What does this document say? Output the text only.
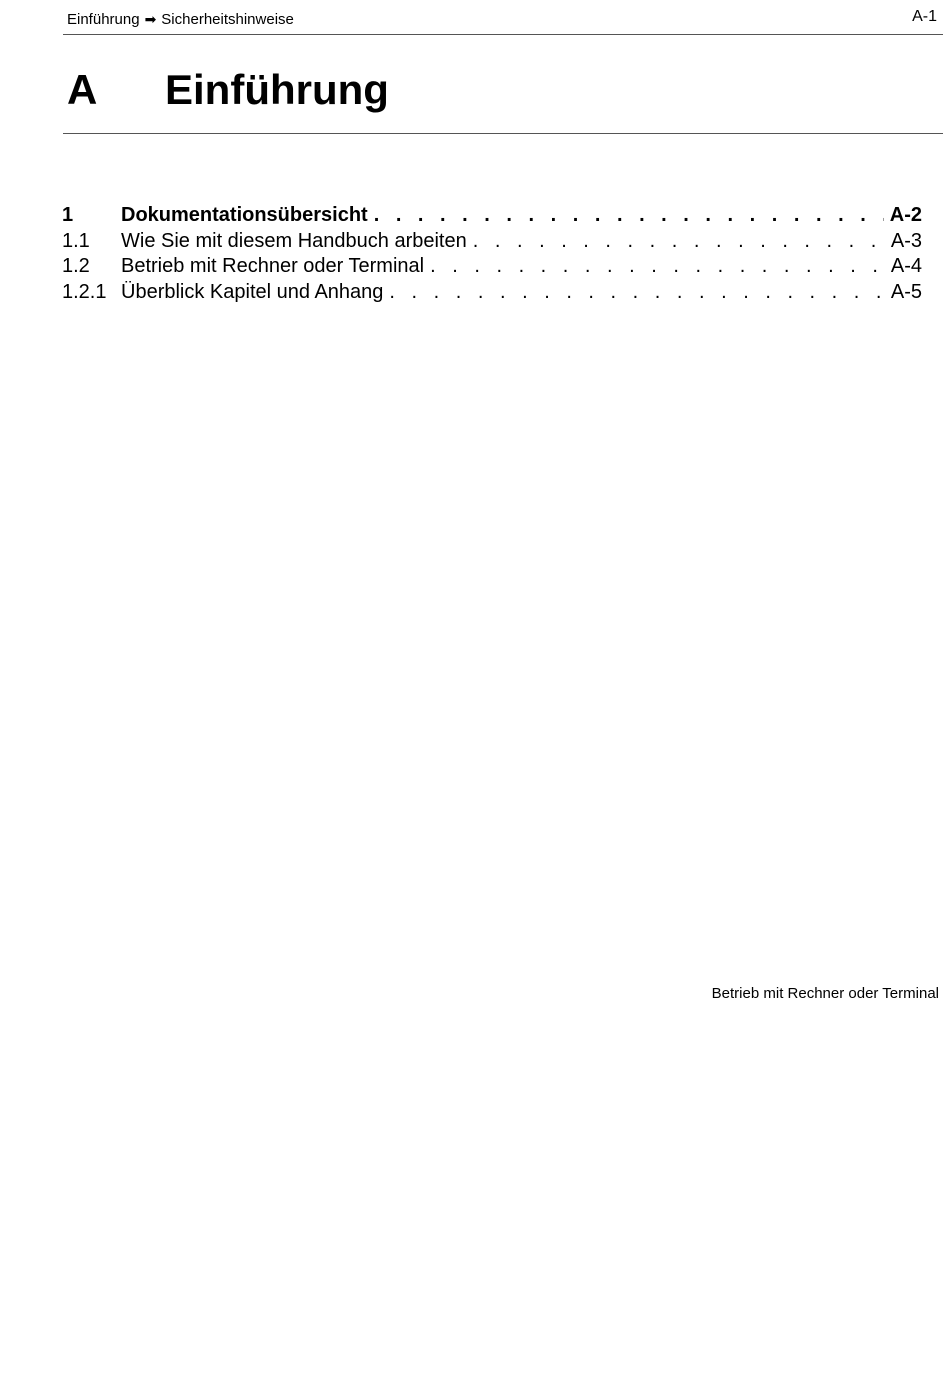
Einführung ➡ Sicherheitshinweise	A-1
A Einführung
1	Dokumentationsübersicht . . .	A-2
1.1	Wie Sie mit diesem Handbuch arbeiten . . .	A-3
1.2	Betrieb mit Rechner oder Terminal . . .	A-4
1.2.1 Überblick Kapitel und Anhang . . .	A-5
Betrieb mit Rechner oder Terminal
